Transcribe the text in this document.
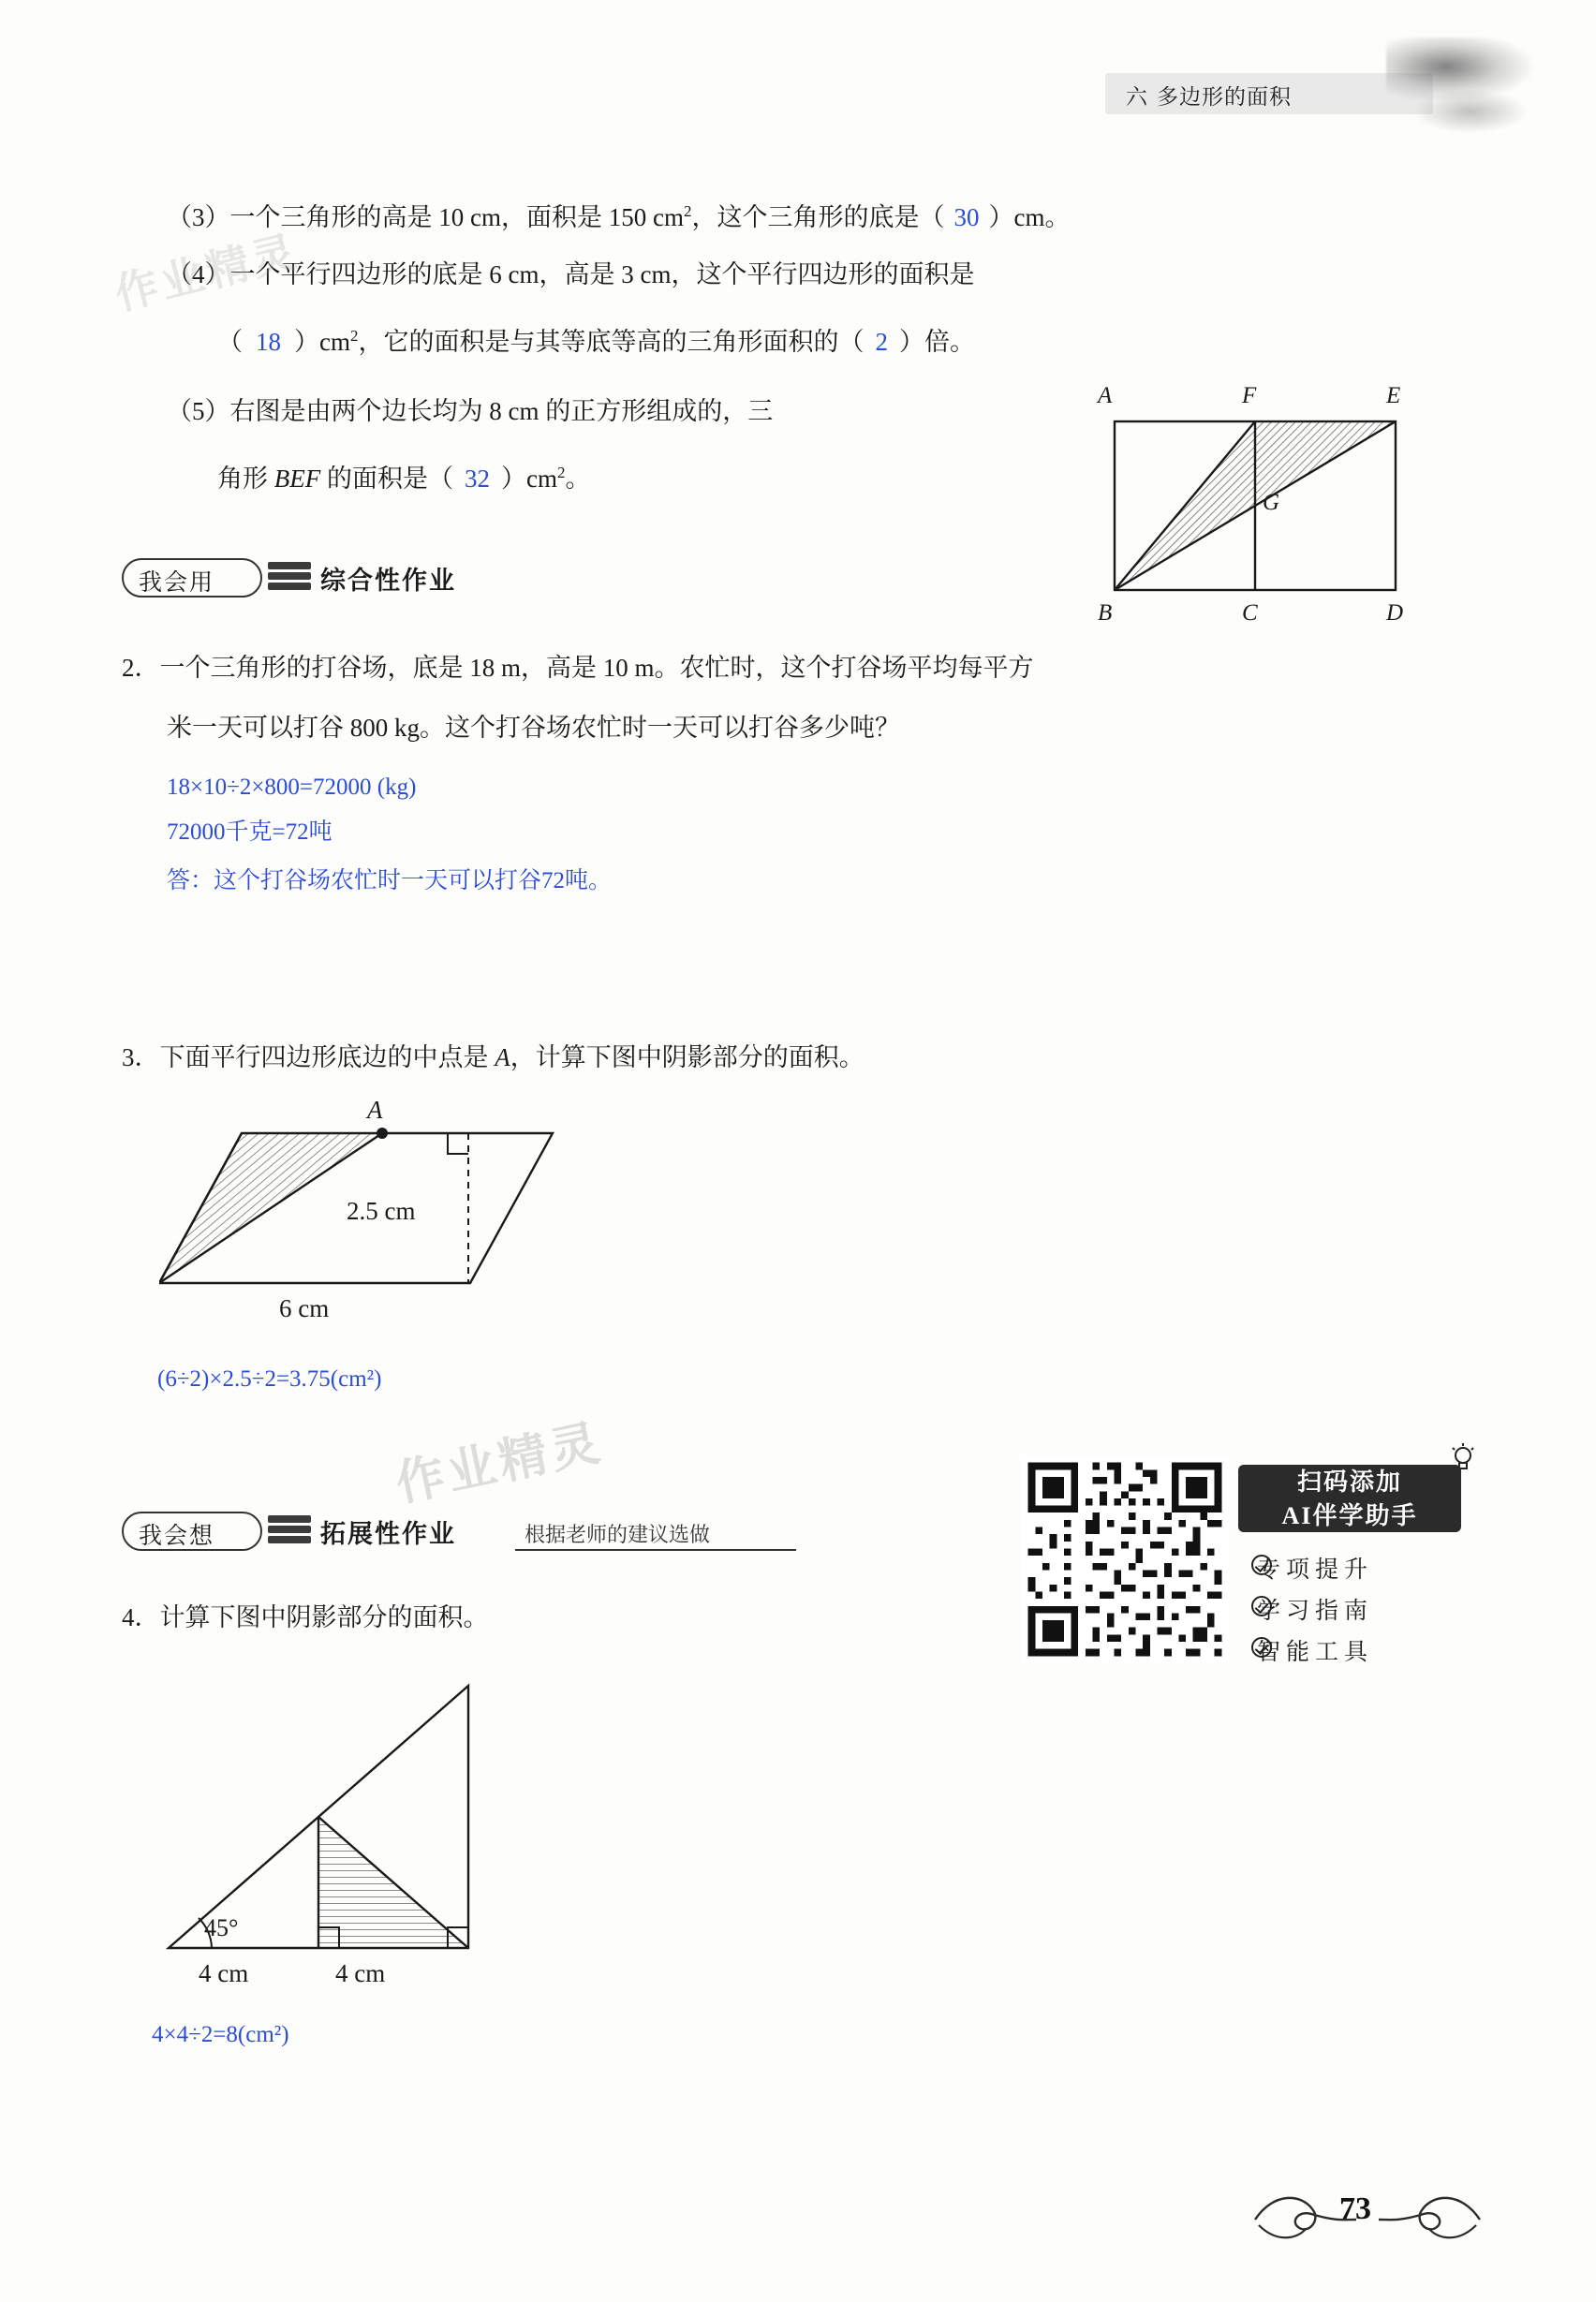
六 多边形的面积
（3）一个三角形的高是 10 cm，面积是 150 $cm^2$，这个三角形的底是（ 30 ）cm。
（4）一个平行四边形的底是 6 cm，高是 3 cm，这个平行四边形的面积是
（ 18 ）$cm^2$，它的面积是与其等底等高的三角形面积的（ 2 ）倍。
（5）右图是由两个边长均为 8 cm 的正方形组成的，三
角形 BEF 的面积是（ 32 ）$cm^2$。
A	F	E
G
B	C	D
我会用	综合性作业
2．一个三角形的打谷场，底是 18 m，高是 10 m。农忙时，这个打谷场平均每平方
米一天可以打谷 800 kg。这个打谷场农忙时一天可以打谷多少吨？
18×10÷2×800=72000 (kg)
72000千克=72吨
答：这个打谷场农忙时一天可以打谷72吨。
3．下面平行四边形底边的中点是 A，计算下图中阴影部分的面积。
A
2.5 cm
6 cm
(6÷2)×2.5÷2=3.75(cm²)
作业精灵
作业精灵
我会想	拓展性作业	根据老师的建议选做
4．计算下图中阴影部分的面积。
45°
4 cm	4 cm
4×4÷2=8(cm²)
扫码添加
AI伴学助手
专项提升
学习指南
智能工具
73
